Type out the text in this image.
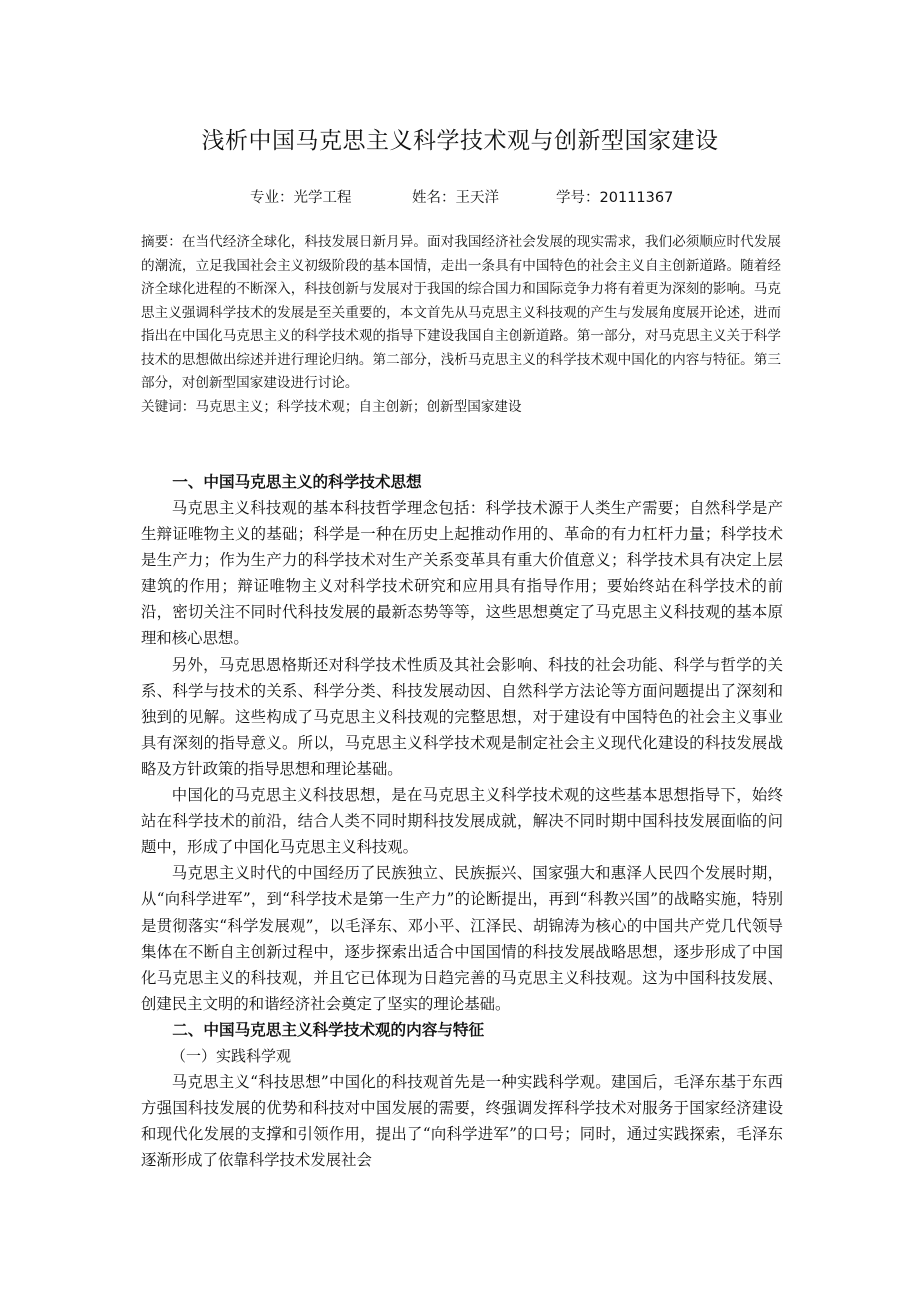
浅析中国马克思主义科学技术观与创新型国家建设
专业：光学工程	姓名：王天洋	学号：20111367

摘要：在当代经济全球化，科技发展日新月异。面对我国经济社会发展的现实需求，我们必须顺应时代发展的潮流，立足我国社会主义初级阶段的基本国情，走出一条具有中国特色的社会主义自主创新道路。随着经济全球化进程的不断深入，科技创新与发展对于我国的综合国力和国际竞争力将有着更为深刻的影响。马克思主义强调科学技术的发展是至关重要的，本文首先从马克思主义科技观的产生与发展角度展开论述，进而指出在中国化马克思主义的科学技术观的指导下建设我国自主创新道路。第一部分，对马克思主义关于科学技术的思想做出综述并进行理论归纳。第二部分，浅析马克思主义的科学技术观中国化的内容与特征。第三部分，对创新型国家建设进行讨论。

关键词：马克思主义；科学技术观；自主创新；创新型国家建设

一、中国马克思主义的科学技术思想

马克思主义科技观的基本科技哲学理念包括：科学技术源于人类生产需要；自然科学是产生辩证唯物主义的基础；科学是一种在历史上起推动作用的、革命的有力杠杆力量；科学技术是生产力；作为生产力的科学技术对生产关系变革具有重大价值意义；科学技术具有决定上层建筑的作用；辩证唯物主义对科学技术研究和应用具有指导作用；要始终站在科学技术的前沿，密切关注不同时代科技发展的最新态势等等，这些思想奠定了马克思主义科技观的基本原理和核心思想。

另外，马克思恩格斯还对科学技术性质及其社会影响、科技的社会功能、科学与哲学的关系、科学与技术的关系、科学分类、科技发展动因、自然科学方法论等方面问题提出了深刻和独到的见解。这些构成了马克思主义科技观的完整思想，对于建设有中国特色的社会主义事业具有深刻的指导意义。所以，马克思主义科学技术观是制定社会主义现代化建设的科技发展战略及方针政策的指导思想和理论基础。

中国化的马克思主义科技思想，是在马克思主义科学技术观的这些基本思想指导下，始终站在科学技术的前沿，结合人类不同时期科技发展成就，解决不同时期中国科技发展面临的问题中，形成了中国化马克思主义科技观。

马克思主义时代的中国经历了民族独立、民族振兴、国家强大和惠泽人民四个发展时期，从“向科学进军”，到“科学技术是第一生产力”的论断提出，再到“科教兴国”的战略实施，特别是贯彻落实“科学发展观”，以毛泽东、邓小平、江泽民、胡锦涛为核心的中国共产党几代领导集体在不断自主创新过程中，逐步探索出适合中国国情的科技发展战略思想，逐步形成了中国化马克思主义的科技观，并且它已体现为日趋完善的马克思主义科技观。这为中国科技发展、创建民主文明的和谐经济社会奠定了坚实的理论基础。

二、中国马克思主义科学技术观的内容与特征
（一）实践科学观

马克思主义“科技思想”中国化的科技观首先是一种实践科学观。建国后，毛泽东基于东西方强国科技发展的优势和科技对中国发展的需要，终强调发挥科学技术对服务于国家经济建设和现代化发展的支撑和引领作用，提出了“向科学进军”的口号；同时，通过实践探索，毛泽东逐渐形成了依靠科学技术发展社会
